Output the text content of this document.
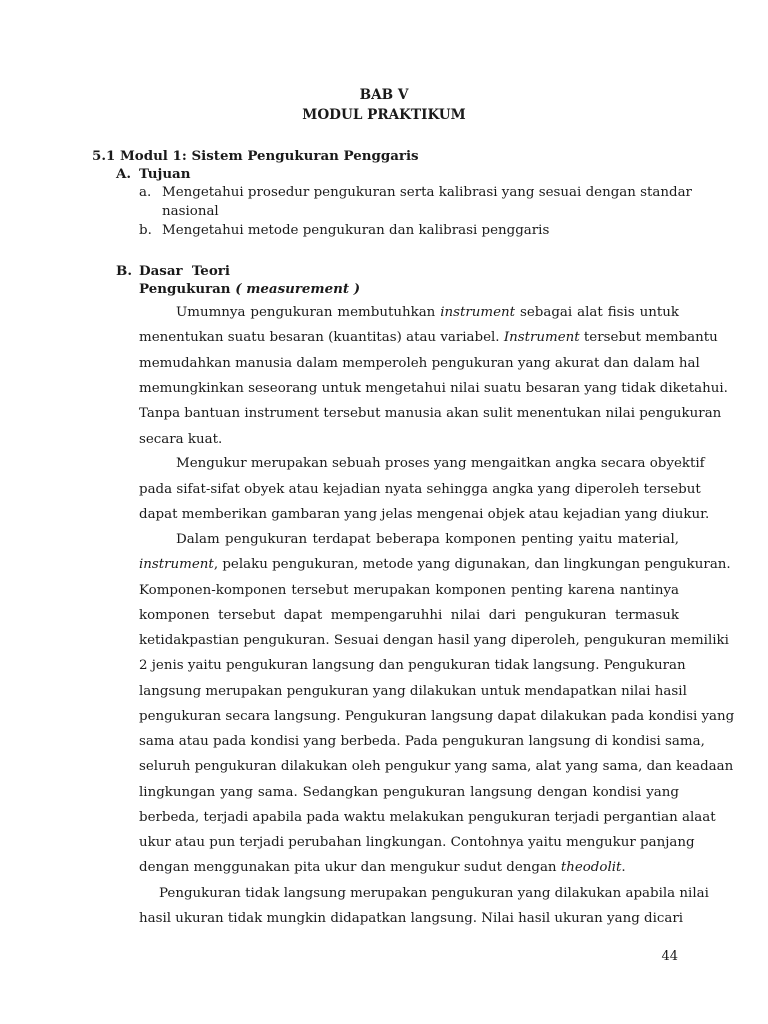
BAB V
MODUL PRAKTIKUM
5.1 Modul 1: Sistem Pengukuran Penggaris
A. Tujuan
a. Mengetahui prosedur pengukuran serta kalibrasi yang sesuai dengan standar
nasional
b. Mengetahui metode pengukuran dan kalibrasi penggaris
B. Dasar  Teori
Pengukuran ( measurement )
Umumnya pengukuran membutuhkan instrument sebagai alat fisis untuk
menentukan suatu besaran (kuantitas) atau variabel. Instrument tersebut membantu
memudahkan manusia dalam memperoleh pengukuran yang akurat dan dalam hal
memungkinkan seseorang untuk mengetahui nilai suatu besaran yang tidak diketahui.
Tanpa bantuan instrument tersebut manusia akan sulit menentukan nilai pengukuran
secara kuat.
Mengukur merupakan sebuah proses yang mengaitkan angka secara obyektif
pada sifat-sifat obyek atau kejadian nyata sehingga angka yang diperoleh tersebut
dapat memberikan gambaran yang jelas mengenai objek atau kejadian yang diukur.
Dalam pengukuran terdapat beberapa komponen penting yaitu material,
instrument, pelaku pengukuran, metode yang digunakan, dan lingkungan pengukuran.
Komponen-komponen tersebut merupakan komponen penting karena nantinya
komponen tersebut dapat mempengaruhhi nilai dari pengukuran termasuk
ketidakpastian pengukuran. Sesuai dengan hasil yang diperoleh, pengukuran memiliki
2 jenis yaitu pengukuran langsung dan pengukuran tidak langsung. Pengukuran
langsung merupakan pengukuran yang dilakukan untuk mendapatkan nilai hasil
pengukuran secara langsung. Pengukuran langsung dapat dilakukan pada kondisi yang
sama atau pada kondisi yang berbeda. Pada pengukuran langsung di kondisi sama,
seluruh pengukuran dilakukan oleh pengukur yang sama, alat yang sama, dan keadaan
lingkungan yang sama. Sedangkan pengukuran langsung dengan kondisi yang
berbeda, terjadi apabila pada waktu melakukan pengukuran terjadi pergantian alaat
ukur atau pun terjadi perubahan lingkungan. Contohnya yaitu mengukur panjang
dengan menggunakan pita ukur dan mengukur sudut dengan theodolit.
Pengukuran tidak langsung merupakan pengukuran yang dilakukan apabila nilai
hasil ukuran tidak mungkin didapatkan langsung. Nilai hasil ukuran yang dicari
44
